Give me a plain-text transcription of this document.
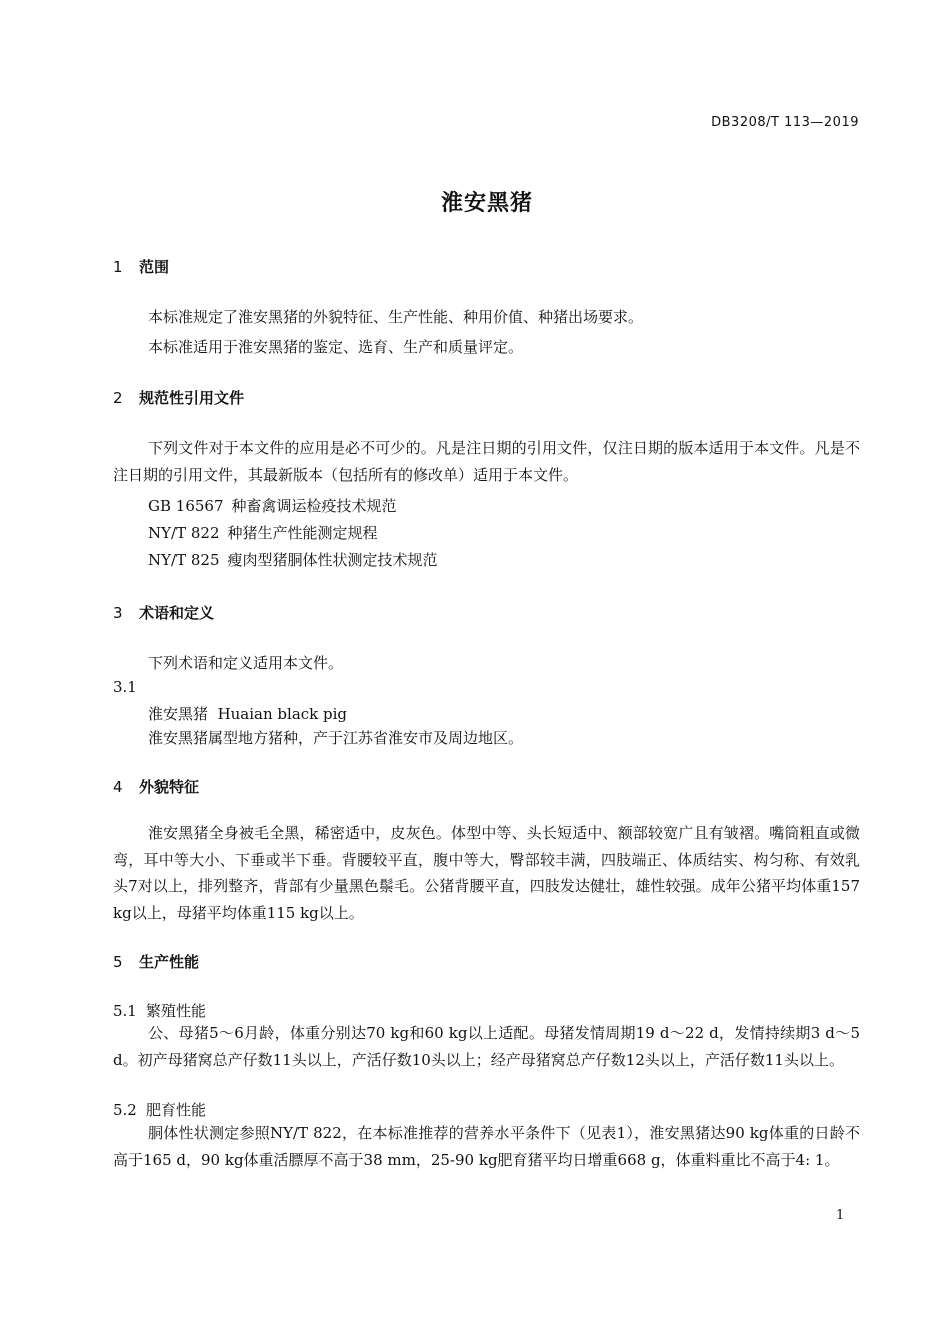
DB3208/T 113—2019
淮安黑猪
1 范围
本标准规定了淮安黑猪的外貌特征、生产性能、种用价值、种猪出场要求。
本标准适用于淮安黑猪的鉴定、选育、生产和质量评定。
2 规范性引用文件

下列文件对于本文件的应用是必不可少的。凡是注日期的引用文件，仅注日期的版本适用于本文件。凡是不注日期的引用文件，其最新版本（包括所有的修改单）适用于本文件。

GB 16567 种畜禽调运检疫技术规范
NY/T 822 种猪生产性能测定规程
NY/T 825 瘦肉型猪胴体性状测定技术规范
3 术语和定义
下列术语和定义适用本文件。
3.1
淮安黑猪 Huaian black pig
淮安黑猪属型地方猪种，产于江苏省淮安市及周边地区。
4 外貌特征

淮安黑猪全身被毛全黑，稀密适中，皮灰色。体型中等、头长短适中、额部较宽广且有皱褶。嘴筒粗直或微弯，耳中等大小、下垂或半下垂。背腰较平直，腹中等大，臀部较丰满，四肢端正、体质结实、构匀称、有效乳头7对以上，排列整齐，背部有少量黑色鬃毛。公猪背腰平直，四肢发达健壮，雄性较强。成年公猪平均体重157 kg以上，母猪平均体重115 kg以上。

5 生产性能
5.1 繁殖性能

公、母猪5～6月龄，体重分别达70 kg和60 kg以上适配。母猪发情周期19 d～22 d，发情持续期3 d～5 d。初产母猪窝总产仔数11头以上，产活仔数10头以上；经产母猪窝总产仔数12头以上，产活仔数11头以上。

5.2 肥育性能

胴体性状测定参照NY/T 822，在本标准推荐的营养水平条件下（见表1），淮安黑猪达90 kg体重的日龄不高于165 d，90 kg体重活膘厚不高于38 mm，25-90 kg肥育猪平均日增重668 g，体重料重比不高于4: 1。

1
